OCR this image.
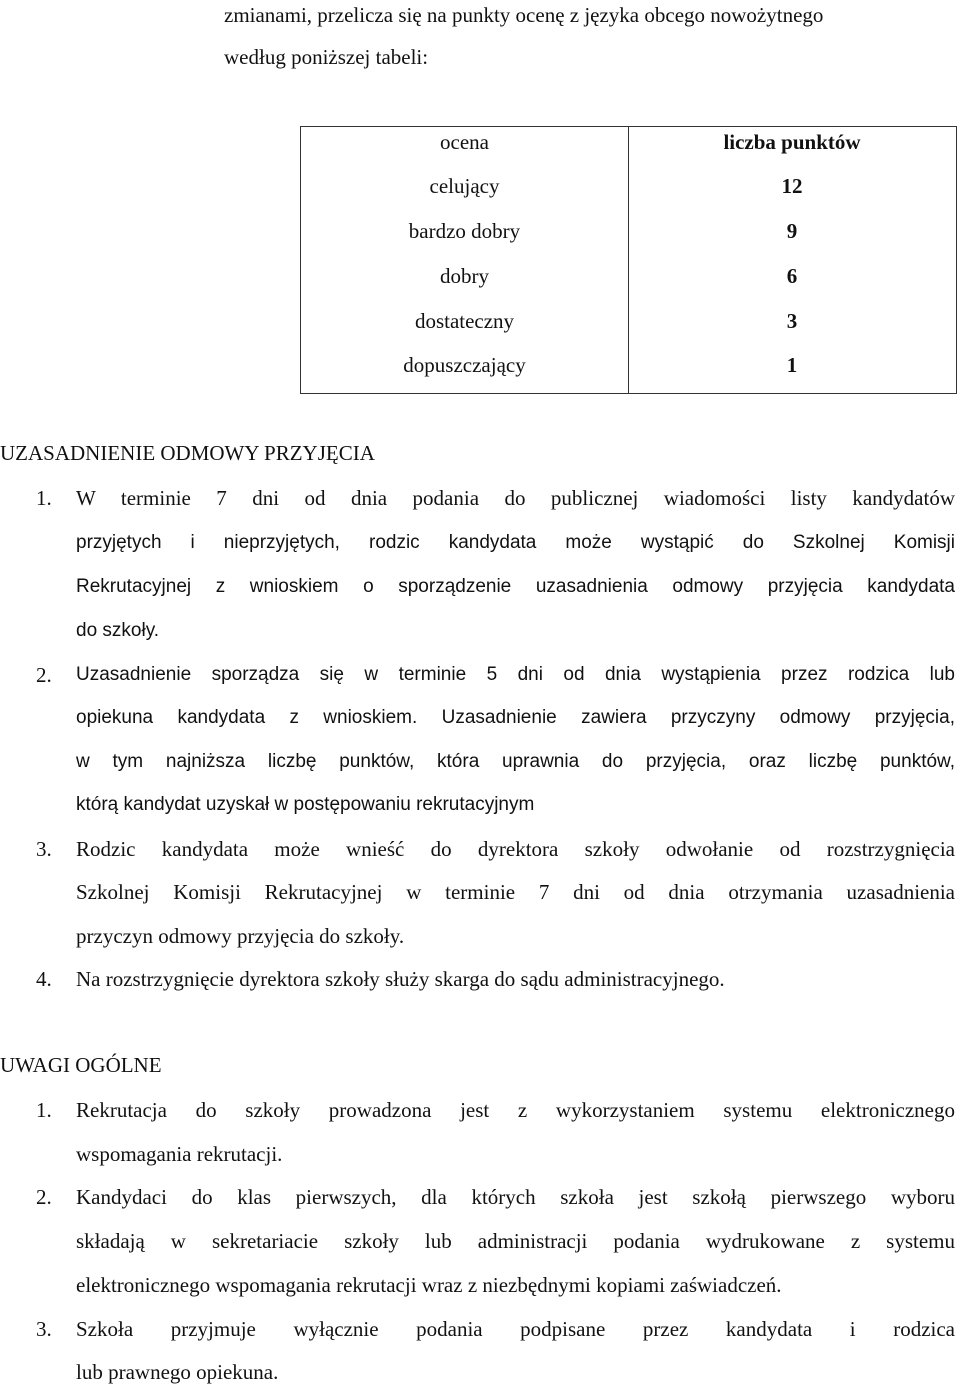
zmianami, przelicza się na punkty ocenę z języka obcego nowożytnego
według poniższej tabeli:
ocena	liczba punktów
celujący	12
bardzo dobry	9
dobry	6
dostateczny	3
dopuszczający	1
UZASADNIENIE ODMOWY PRZYJĘCIA
1. W terminie 7 dni od dnia podania do publicznej wiadomości listy kandydatów
przyjętych i nieprzyjętych, rodzic kandydata może wystąpić do Szkolnej Komisji
Rekrutacyjnej z wnioskiem o sporządzenie uzasadnienia odmowy przyjęcia kandydata
do szkoły.
2. Uzasadnienie sporządza się w terminie 5 dni od dnia wystąpienia przez rodzica lub
opiekuna kandydata z wnioskiem. Uzasadnienie zawiera przyczyny odmowy przyjęcia,
w tym najniższa liczbę punktów, która uprawnia do przyjęcia, oraz liczbę punktów,
którą kandydat uzyskał w postępowaniu rekrutacyjnym
3. Rodzic kandydata może wnieść do dyrektora szkoły odwołanie od rozstrzygnięcia
Szkolnej Komisji Rekrutacyjnej w terminie 7 dni od dnia otrzymania uzasadnienia
przyczyn odmowy przyjęcia do szkoły.
4. Na rozstrzygnięcie dyrektora szkoły służy skarga do sądu administracyjnego.
UWAGI OGÓLNE
1. Rekrutacja do szkoły prowadzona jest z wykorzystaniem systemu elektronicznego
wspomagania rekrutacji.
2. Kandydaci do klas pierwszych, dla których szkoła jest szkołą pierwszego wyboru
składają w sekretariacie szkoły lub administracji podania wydrukowane z systemu
elektronicznego wspomagania rekrutacji wraz z niezbędnymi kopiami zaświadczeń.
3. Szkoła przyjmuje wyłącznie podania podpisane przez kandydata i rodzica
lub prawnego opiekuna.
